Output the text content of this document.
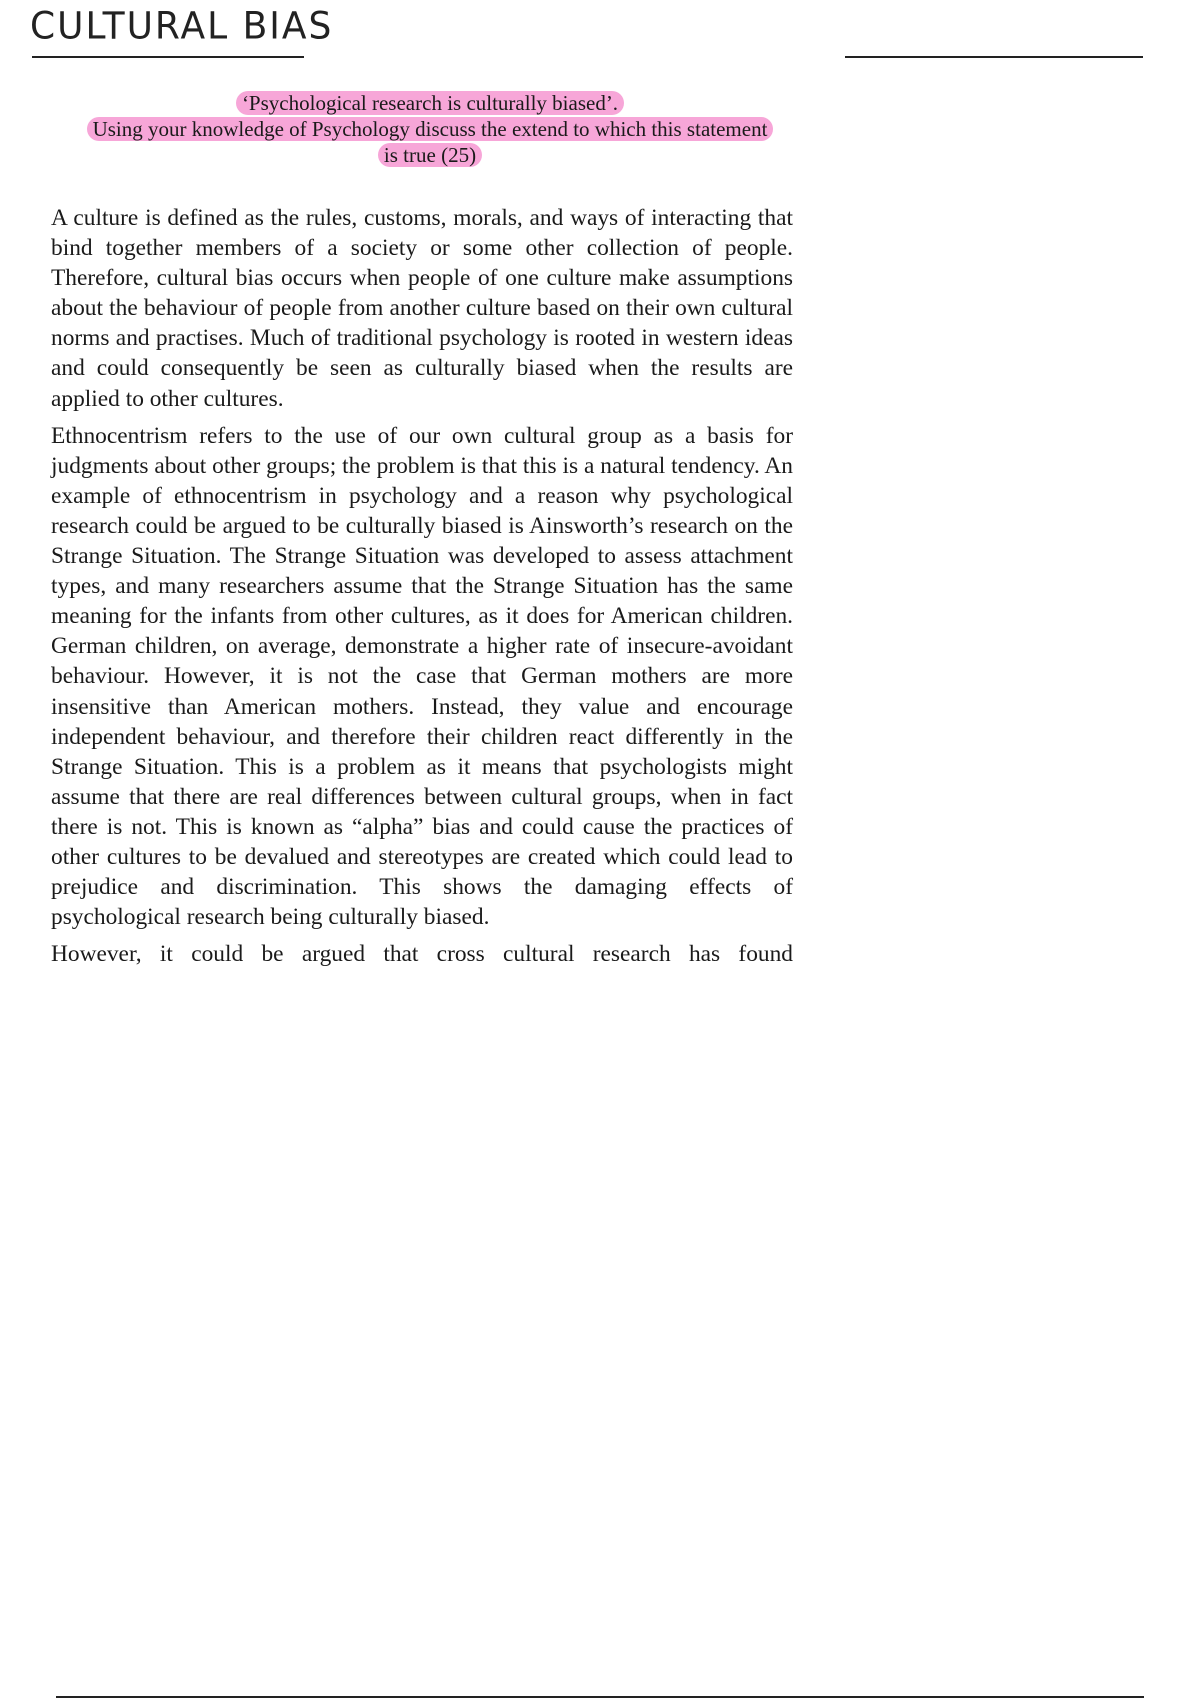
CULTURAL BIAS
‘Psychological research is culturally biased’.
Using your knowledge of Psychology discuss the extend to which this statement
is true (25)

A culture is defined as the rules, customs, morals, and ways of interacting that bind together members of a society or some other collection of people. Therefore, cultural bias occurs when people of one culture make assumptions about the behaviour of people from another culture based on their own cultural norms and practises. Much of traditional psychology is rooted in western ideas and could consequently be seen as culturally biased when the results are applied to other cultures.

Ethnocentrism refers to the use of our own cultural group as a basis for judgments about other groups; the problem is that this is a natural tendency. An example of ethnocentrism in psychology and a reason why psychological research could be argued to be culturally biased is Ainsworth’s research on the Strange Situation. The Strange Situation was developed to assess attachment types, and many researchers assume that the Strange Situation has the same meaning for the infants from other cultures, as it does for American children. German children, on average, demonstrate a higher rate of insecure-avoidant behaviour. However, it is not the case that German mothers are more insensitive than American mothers. Instead, they value and encourage independent behaviour, and therefore their children react differently in the Strange Situation. This is a problem as it means that psychologists might assume that there are real differences between cultural groups, when in fact there is not. This is known as “alpha” bias and could cause the practices of other cultures to be devalued and stereotypes are created which could lead to prejudice and discrimination. This shows the damaging effects of psychological research being culturally biased.

However, it could be argued that cross cultural research has found
